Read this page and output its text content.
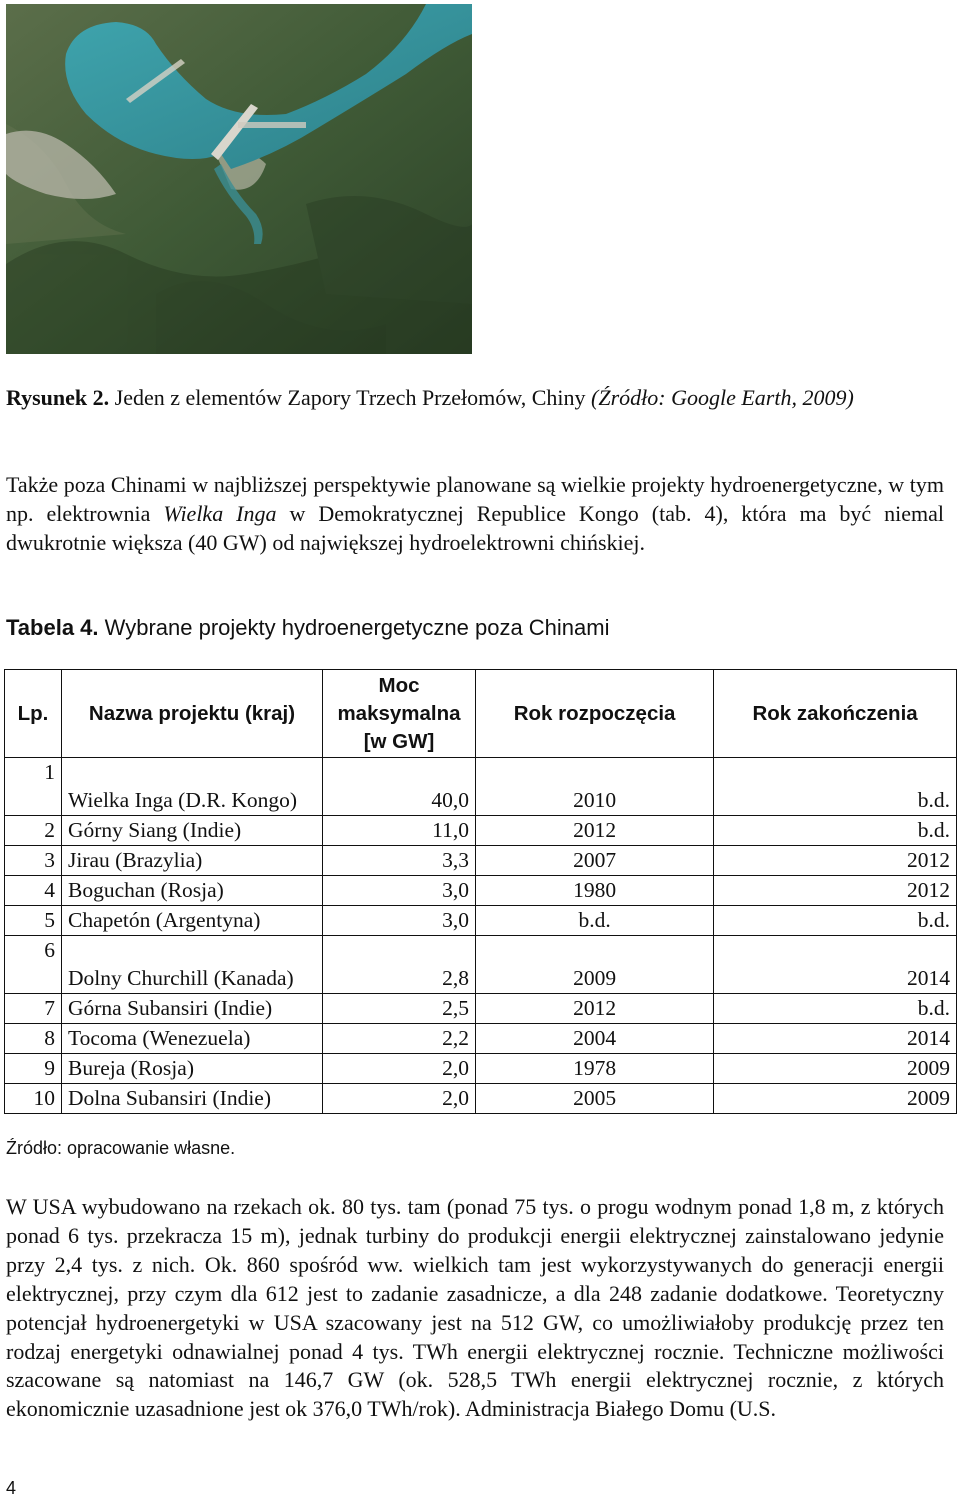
Rysunek 2. Jeden z elementów Zapory Trzech Przełomów, Chiny (Źródło: Google Earth, 2009)
Także poza Chinami w najbliższej perspektywie planowane są wielkie projekty hydroenergetyczne, w tym np. elektrownia Wielka Inga w Demokratycznej Republice Kongo (tab. 4), która ma być niemal dwukrotnie większa (40 GW) od największej hydroelektrowni chińskiej.
Tabela 4. Wybrane projekty hydroenergetyczne poza Chinami
Lp.	Nazwa projektu (kraj)	Moc maksymalna [w GW]	Rok rozpoczęcia	Rok zakończenia
1	Wielka Inga (D.R. Kongo)	40,0	2010	b.d.
2	Górny Siang (Indie)	11,0	2012	b.d.
3	Jirau (Brazylia)	3,3	2007	2012
4	Boguchan (Rosja)	3,0	1980	2012
5	Chapetón (Argentyna)	3,0	b.d.	b.d.
6	Dolny Churchill (Kanada)	2,8	2009	2014
7	Górna Subansiri (Indie)	2,5	2012	b.d.
8	Tocoma (Wenezuela)	2,2	2004	2014
9	Bureja (Rosja)	2,0	1978	2009
10	Dolna Subansiri (Indie)	2,0	2005	2009
Źródło: opracowanie własne.
W USA wybudowano na rzekach ok. 80 tys. tam (ponad 75 tys. o progu wodnym ponad 1,8 m, z których ponad 6 tys. przekracza 15 m), jednak turbiny do produkcji energii elektrycznej zainstalowano jedynie przy 2,4 tys. z nich. Ok. 860 spośród ww. wielkich tam jest wykorzystywanych do generacji energii elektrycznej, przy czym dla 612 jest to zadanie zasadnicze, a dla 248 zadanie dodatkowe. Teoretyczny potencjał hydroenergetyki w USA szacowany jest na 512 GW, co umożliwiałoby produkcję przez ten rodzaj energetyki odnawialnej ponad 4 tys. TWh energii elektrycznej rocznie. Techniczne możliwości szacowane są natomiast na 146,7 GW (ok. 528,5 TWh energii elektrycznej rocznie, z których ekonomicznie uzasadnione jest ok 376,0 TWh/rok). Administracja Białego Domu (U.S.
4
